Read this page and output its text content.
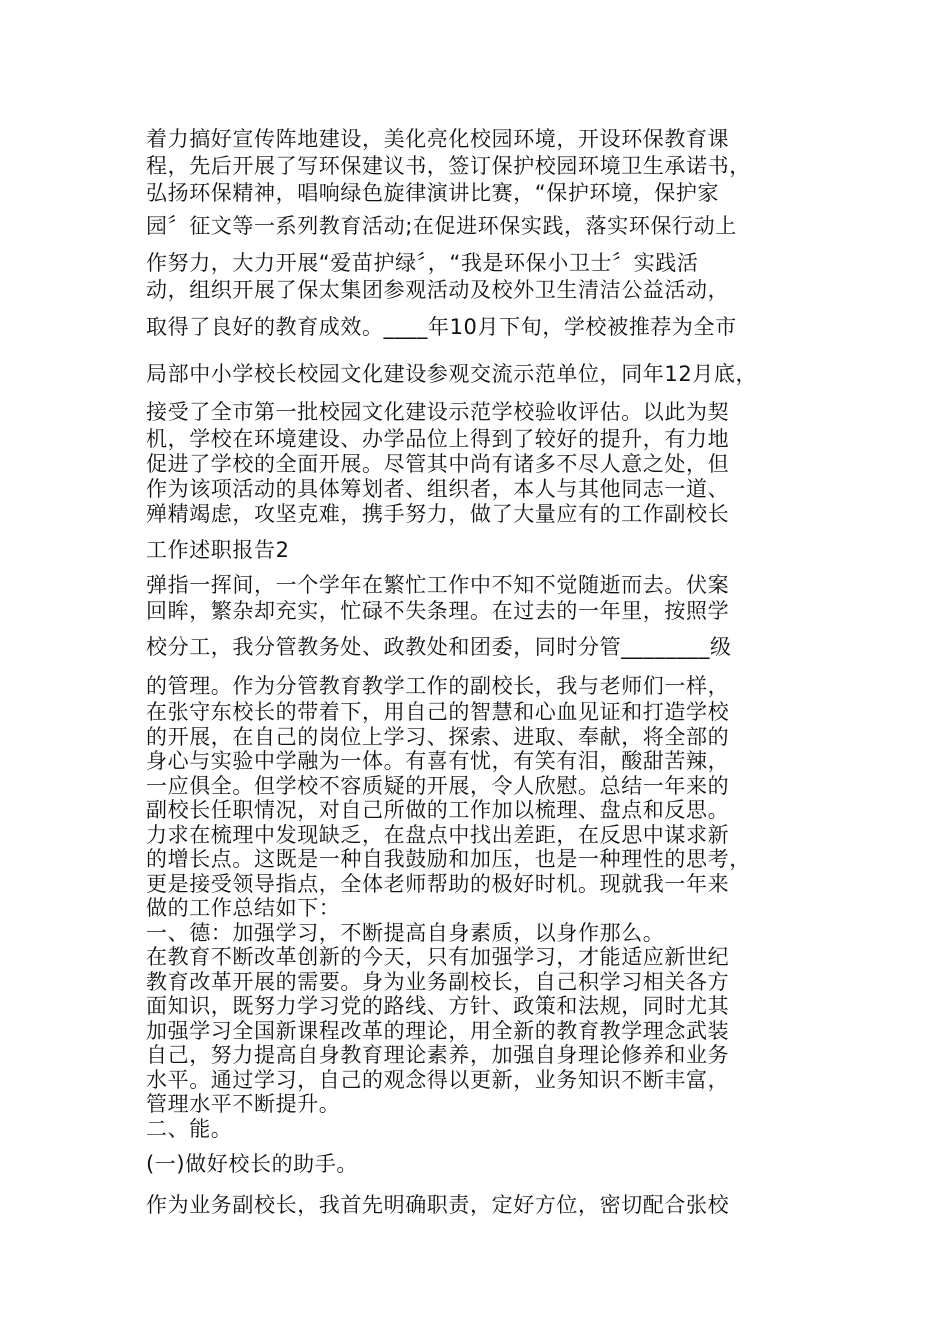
着力搞好宣传阵地建设，美化亮化校园环境，开设环保教育课
程，先后开展了写环保建议书，签订保护校园环境卫生承诺书，
弘扬环保精神，唱响绿色旋律演讲比赛，“保护环境，保护家
园〞征文等一系列教育活动;在促进环保实践，落实环保行动上
作努力，大力开展“爱苗护绿〞，“我是环保小卫士〞实践活
动，组织开展了保太集团参观活动及校外卫生清洁公益活动，
取得了良好的教育成效。____年10月下旬，学校被推荐为全市
局部中小学校长校园文化建设参观交流示范单位，同年12月底，
接受了全市第一批校园文化建设示范学校验收评估。以此为契
机，学校在环境建设、办学品位上得到了较好的提升，有力地
促进了学校的全面开展。尽管其中尚有诸多不尽人意之处，但
作为该项活动的具体筹划者、组织者，本人与其他同志一道、
殚精竭虑，攻坚克难，携手努力，做了大量应有的工作副校长
工作述职报告2
弹指一挥间，一个学年在繁忙工作中不知不觉随逝而去。伏案
回眸，繁杂却充实，忙碌不失条理。在过去的一年里，按照学
校分工，我分管教务处、政教处和团委，同时分管________级
的管理。作为分管教育教学工作的副校长，我与老师们一样，
在张守东校长的带着下，用自己的智慧和心血见证和打造学校
的开展，在自己的岗位上学习、探索、进取、奉献，将全部的
身心与实验中学融为一体。有喜有忧，有笑有泪，酸甜苦辣，
一应俱全。但学校不容质疑的开展，令人欣慰。总结一年来的
副校长任职情况，对自己所做的工作加以梳理、盘点和反思。
力求在梳理中发现缺乏，在盘点中找出差距，在反思中谋求新
的增长点。这既是一种自我鼓励和加压，也是一种理性的思考，
更是接受领导指点，全体老师帮助的极好时机。现就我一年来
做的工作总结如下：
一、德：加强学习，不断提高自身素质，以身作那么。
在教育不断改革创新的今天，只有加强学习，才能适应新世纪
教育改革开展的需要。身为业务副校长，自己积学习相关各方
面知识，既努力学习党的路线、方针、政策和法规，同时尤其
加强学习全国新课程改革的理论，用全新的教育教学理念武装
自己，努力提高自身教育理论素养，加强自身理论修养和业务
水平。通过学习，自己的观念得以更新，业务知识不断丰富，
管理水平不断提升。
二、能。
(一)做好校长的助手。
作为业务副校长，我首先明确职责，定好方位，密切配合张校
